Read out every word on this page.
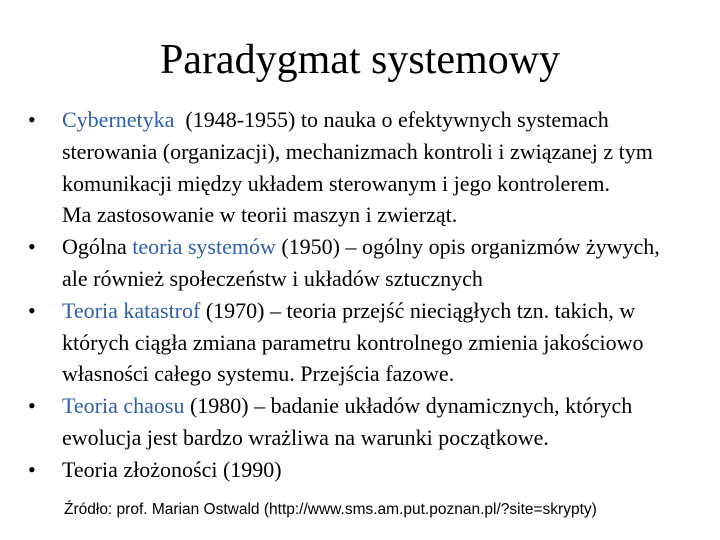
Paradygmat systemowy
•	Cybernetyka  (1948-1955) to nauka o efektywnych systemach
sterowania (organizacji), mechanizmach kontroli i związanej z tym
komunikacji między układem sterowanym i jego kontrolerem.
Ma zastosowanie w teorii maszyn i zwierząt.
•	Ogólna teoria systemów (1950) – ogólny opis organizmów żywych,
ale również społeczeństw i układów sztucznych
•	Teoria katastrof (1970) – teoria przejść nieciągłych tzn. takich, w
których ciągła zmiana parametru kontrolnego zmienia jakościowo
własności całego systemu. Przejścia fazowe.
•	Teoria chaosu (1980) – badanie układów dynamicznych, których
ewolucja jest bardzo wrażliwa na warunki początkowe.
•	Teoria złożoności (1990)
Źródło: prof. Marian Ostwald (http://www.sms.am.put.poznan.pl/?site=skrypty)
